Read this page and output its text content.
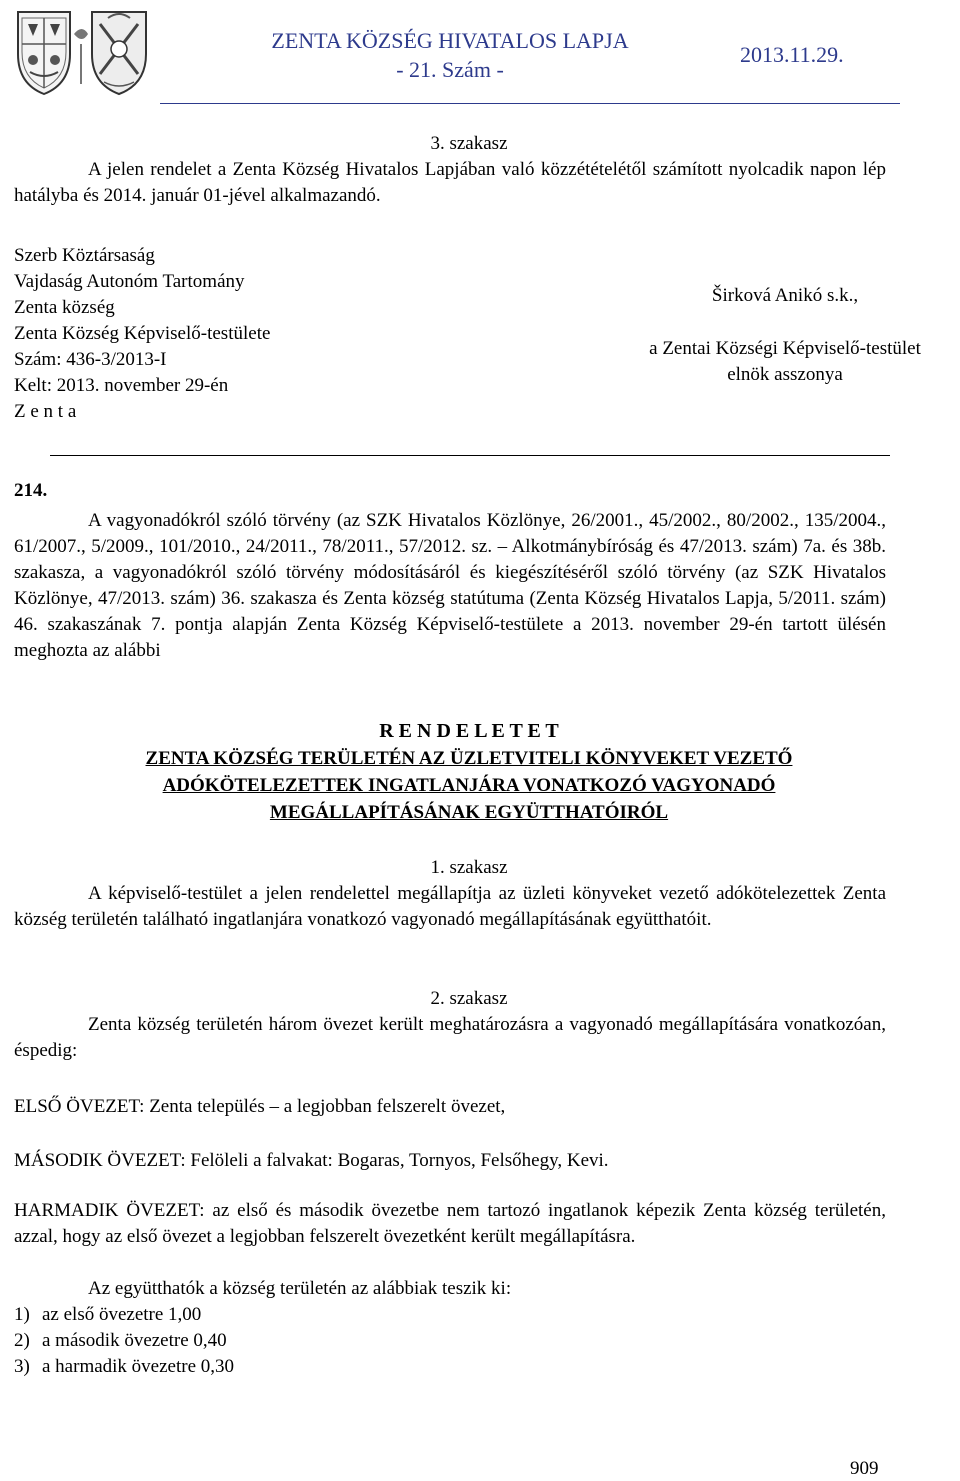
ZENTA KÖZSÉG HIVATALOS LAPJA
- 21. Szám -
2013.11.29.
3. szakasz
A jelen rendelet a Zenta Község Hivatalos Lapjában való közzétételétől számított nyolcadik napon lép hatályba és 2014. január 01-jével alkalmazandó.
Szerb Köztársaság
Vajdaság Autonóm Tartomány
Zenta község
Zenta Község Képviselő-testülete
Szám: 436-3/2013-I
Kelt: 2013. november 29-én
Z e n t a
Širková Anikó s.k.,
a Zentai Községi Képviselő-testület
elnök asszonya
214.
A vagyonadókról szóló törvény (az SZK Hivatalos Közlönye, 26/2001., 45/2002., 80/2002., 135/2004., 61/2007., 5/2009., 101/2010., 24/2011., 78/2011., 57/2012. sz. – Alkotmánybíróság és 47/2013. szám) 7a. és 38b. szakasza, a vagyonadókról szóló törvény módosításáról és kiegészítéséről szóló törvény (az SZK Hivatalos Közlönye, 47/2013. szám) 36. szakasza és Zenta község statútuma (Zenta Község Hivatalos Lapja, 5/2011. szám) 46. szakaszának 7. pontja alapján Zenta Község Képviselő-testülete a 2013. november 29-én tartott ülésén meghozta az alábbi
R E N D E L E T E T
ZENTA KÖZSÉG TERÜLETÉN AZ ÜZLETVITELI KÖNYVEKET VEZETŐ
ADÓKÖTELEZETTEK INGATLANJÁRA VONATKOZÓ VAGYONADÓ
MEGÁLLAPÍTÁSÁNAK EGYÜTTHATÓIRÓL
1. szakasz
A képviselő-testület a jelen rendelettel megállapítja az üzleti könyveket vezető adókötelezettek Zenta község területén található ingatlanjára vonatkozó vagyonadó megállapításának együtthatóit.
2. szakasz
Zenta község területén három övezet került meghatározásra a vagyonadó megállapítására vonatkozóan, éspedig:
ELSŐ ÖVEZET: Zenta település – a legjobban felszerelt övezet,
MÁSODIK ÖVEZET: Felöleli a falvakat: Bogaras, Tornyos, Felsőhegy, Kevi.
HARMADIK ÖVEZET: az első és második övezetbe nem tartozó ingatlanok képezik Zenta község területén, azzal, hogy az első övezet a legjobban felszerelt övezetként került megállapításra.
Az együtthatók a község területén az alábbiak teszik ki:
1) az első övezetre 1,00
2) a második övezetre 0,40
3) a harmadik övezetre 0,30
909
